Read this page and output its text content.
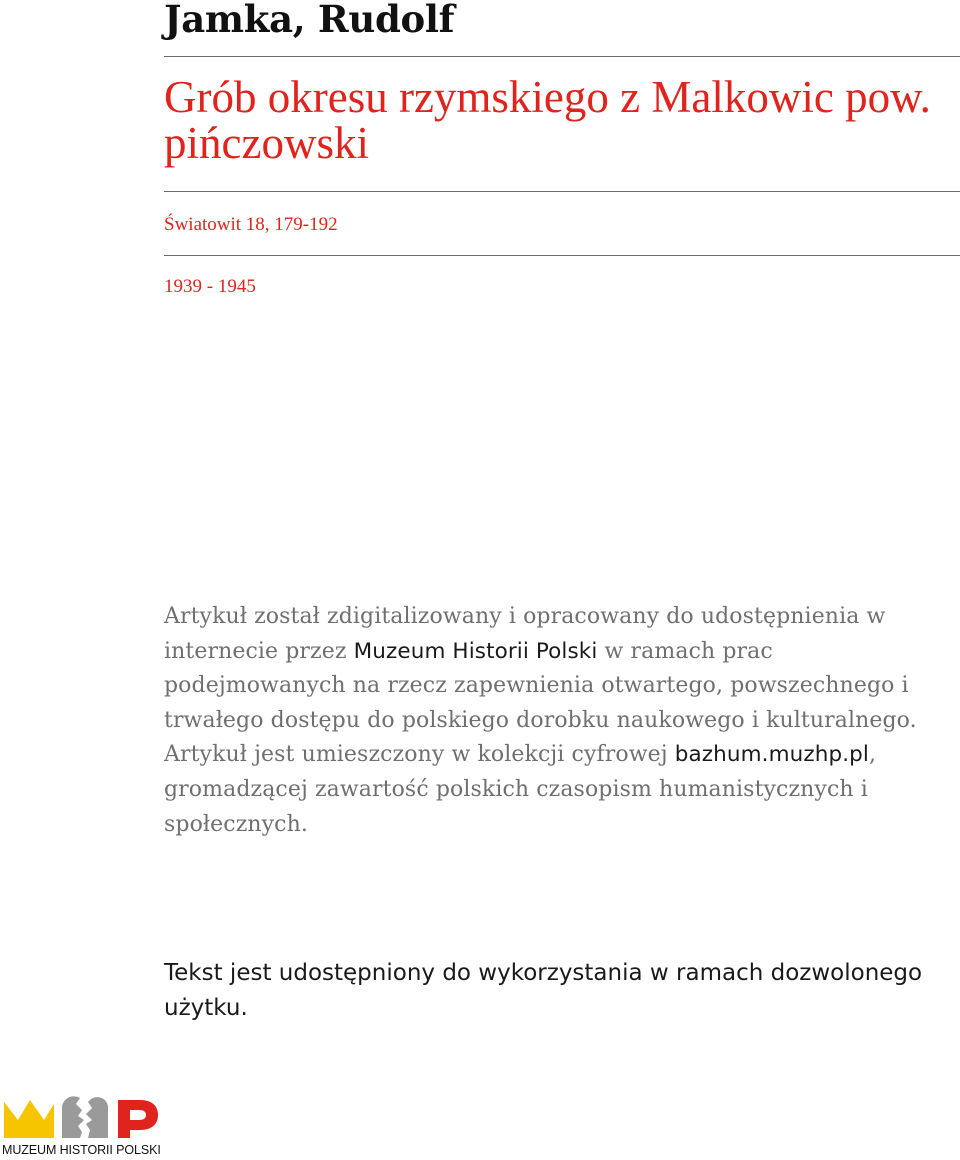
Jamka, Rudolf
Grób okresu rzymskiego z Malkowic pow. pińczowski
Światowit 18, 179-192
1939 - 1945

Artykuł został zdigitalizowany i opracowany do udostępnienia w internecie przez Muzeum Historii Polski w ramach prac podejmowanych na rzecz zapewnienia otwartego, powszechnego i trwałego dostępu do polskiego dorobku naukowego i kulturalnego. Artykuł jest umieszczony w kolekcji cyfrowej bazhum.muzhp.pl, gromadzącej zawartość polskich czasopism humanistycznych i społecznych.

Tekst jest udostępniony do wykorzystania w ramach dozwolonego użytku.

MUZEUM HISTORII POLSKI
